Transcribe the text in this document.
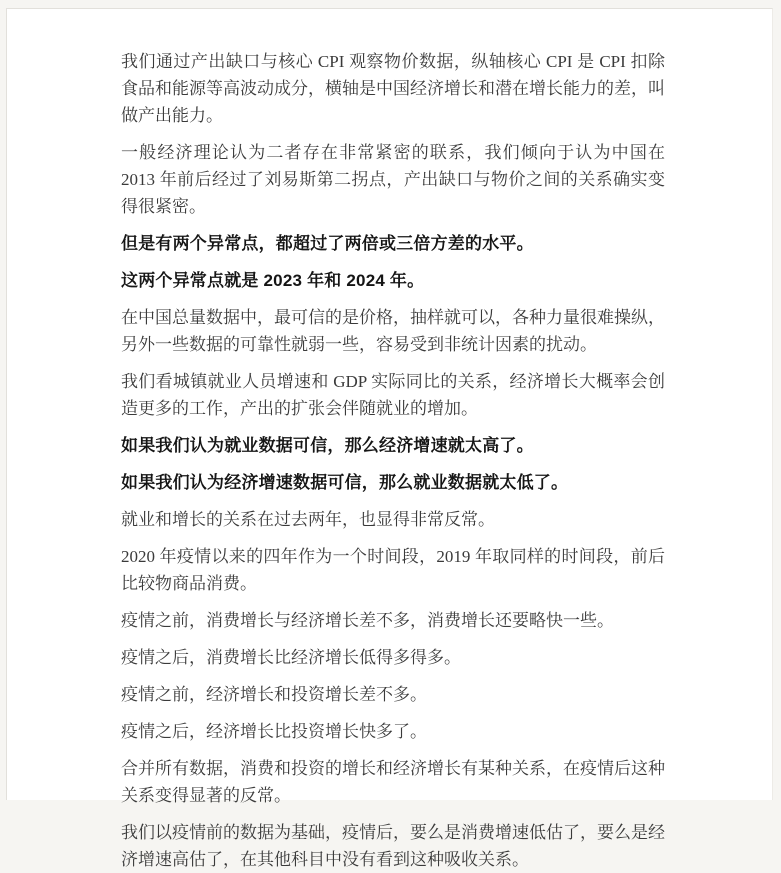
我们通过产出缺口与核心 CPI 观察物价数据，纵轴核心 CPI 是 CPI 扣除食品和能源等高波动成分，横轴是中国经济增长和潜在增长能力的差，叫做产出能力。

一般经济理论认为二者存在非常紧密的联系，我们倾向于认为中国在 2013 年前后经过了刘易斯第二拐点，产出缺口与物价之间的关系确实变得很紧密。

但是有两个异常点，都超过了两倍或三倍方差的水平。

这两个异常点就是 2023 年和 2024 年。

在中国总量数据中，最可信的是价格，抽样就可以，各种力量很难操纵，另外一些数据的可靠性就弱一些，容易受到非统计因素的扰动。

我们看城镇就业人员增速和 GDP 实际同比的关系，经济增长大概率会创造更多的工作，产出的扩张会伴随就业的增加。

如果我们认为就业数据可信，那么经济增速就太高了。

如果我们认为经济增速数据可信，那么就业数据就太低了。

就业和增长的关系在过去两年，也显得非常反常。

2020 年疫情以来的四年作为一个时间段，2019 年取同样的时间段，前后比较物商品消费。

疫情之前，消费增长与经济增长差不多，消费增长还要略快一些。

疫情之后，消费增长比经济增长低得多得多。

疫情之前，经济增长和投资增长差不多。

疫情之后，经济增长比投资增长快多了。

合并所有数据，消费和投资的增长和经济增长有某种关系，在疫情后这种关系变得显著的反常。

我们以疫情前的数据为基础，疫情后，要么是消费增速低估了，要么是经济增速高估了，在其他科目中没有看到这种吸收关系。
